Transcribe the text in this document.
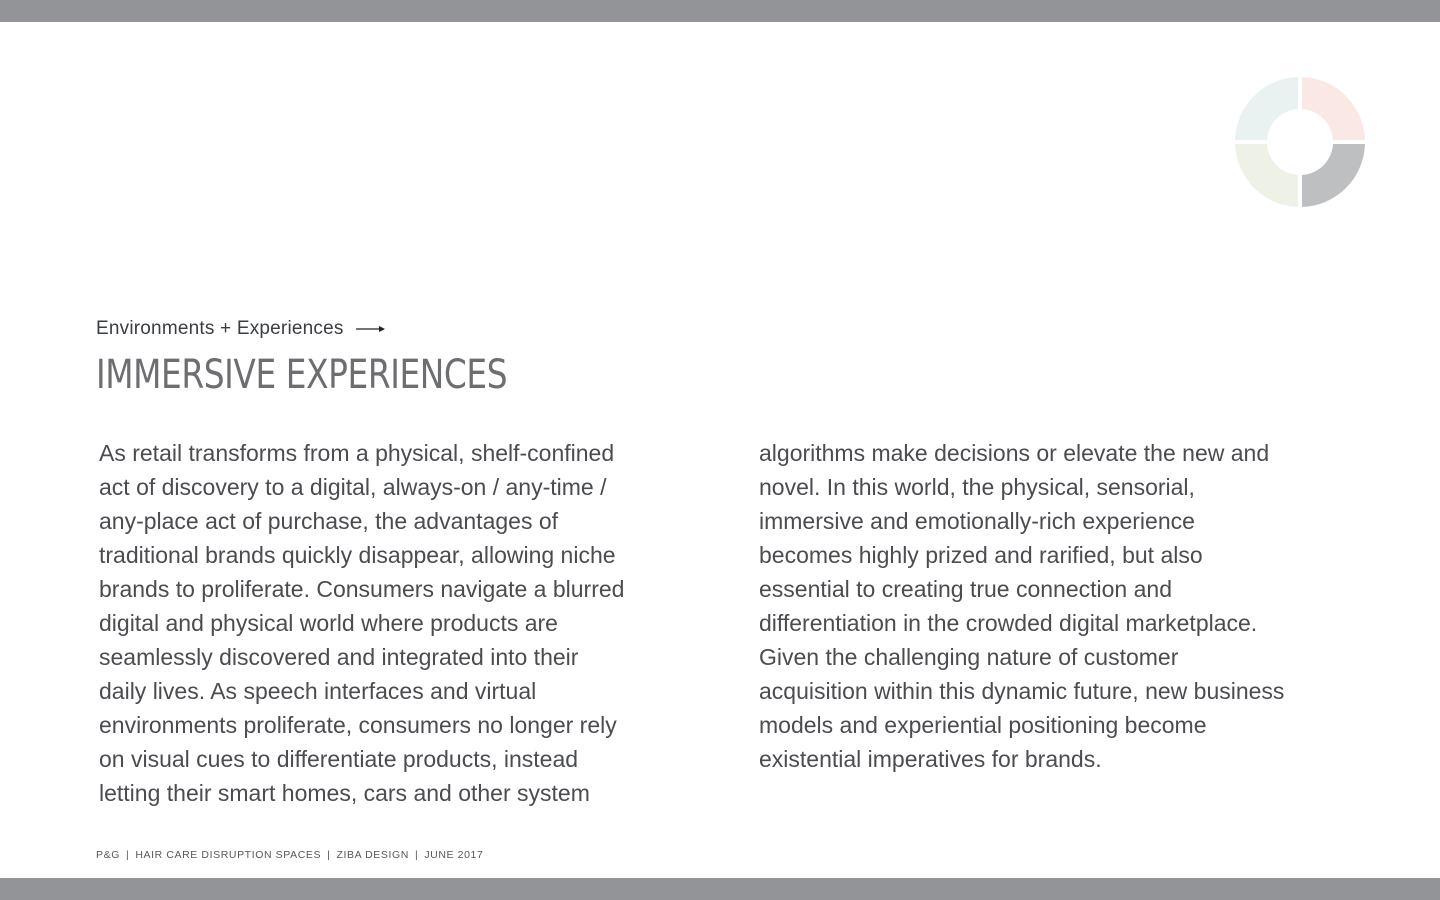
Environments + Experiences
IMMERSIVE EXPERIENCES
As retail transforms from a physical, shelf-confined
act of discovery to a digital, always-on / any-time /
any-place act of purchase, the advantages of
traditional brands quickly disappear, allowing niche
brands to proliferate. Consumers navigate a blurred
digital and physical world where products are
seamlessly discovered and integrated into their
daily lives. As speech interfaces and virtual
environments proliferate, consumers no longer rely
on visual cues to differentiate products, instead
letting their smart homes, cars and other system
algorithms make decisions or elevate the new and
novel. In this world, the physical, sensorial,
immersive and emotionally-rich experience
becomes highly prized and rarified, but also
essential to creating true connection and
differentiation in the crowded digital marketplace.
Given the challenging nature of customer
acquisition within this dynamic future, new business
models and experiential positioning become
existential imperatives for brands.
P&G | HAIR CARE DISRUPTION SPACES | ZIBA DESIGN | JUNE 2017
